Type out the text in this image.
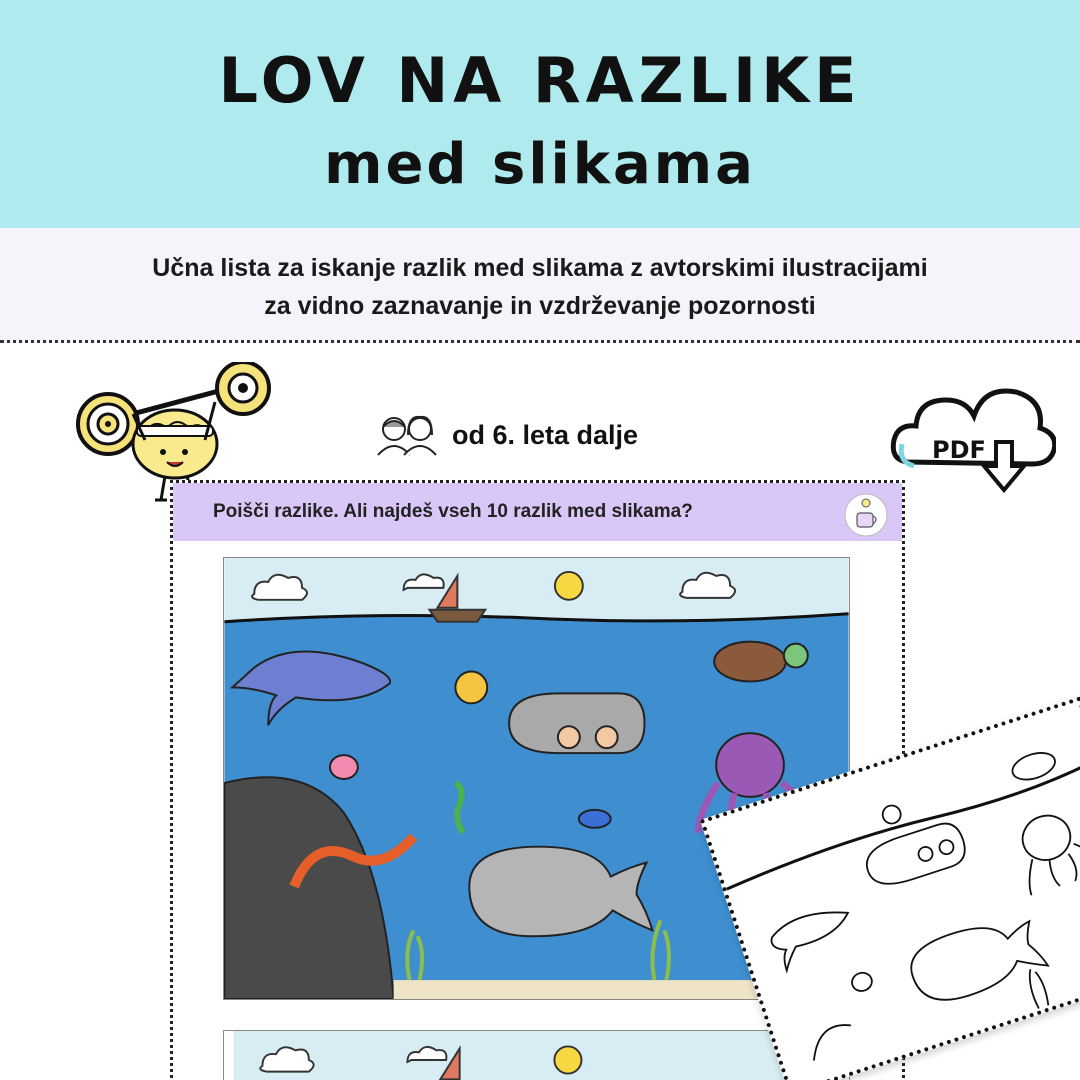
LOV NA RAZLIKE
med slikama
Učna lista za iskanje razlik med slikama z avtorskimi ilustracijami
za vidno zaznavanje in vzdrževanje pozornosti
od 6. leta dalje
PDF
Poišči razlike. Ali najdeš vseh 10 razlik med slikama?
